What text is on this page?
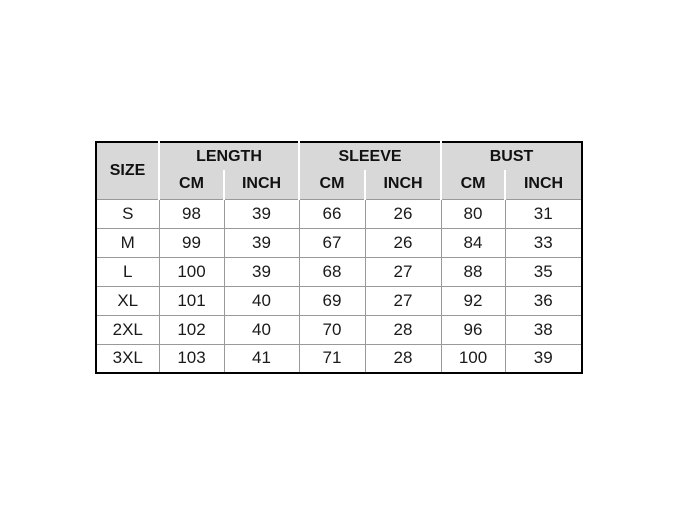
SIZE	LENGTH		SLEEVE		BUST	
	CM	INCH	CM	INCH	CM	INCH
S	98	39	66	26	80	31
M	99	39	67	26	84	33
L	100	39	68	27	88	35
XL	101	40	69	27	92	36
2XL	102	40	70	28	96	38
3XL	103	41	71	28	100	39
